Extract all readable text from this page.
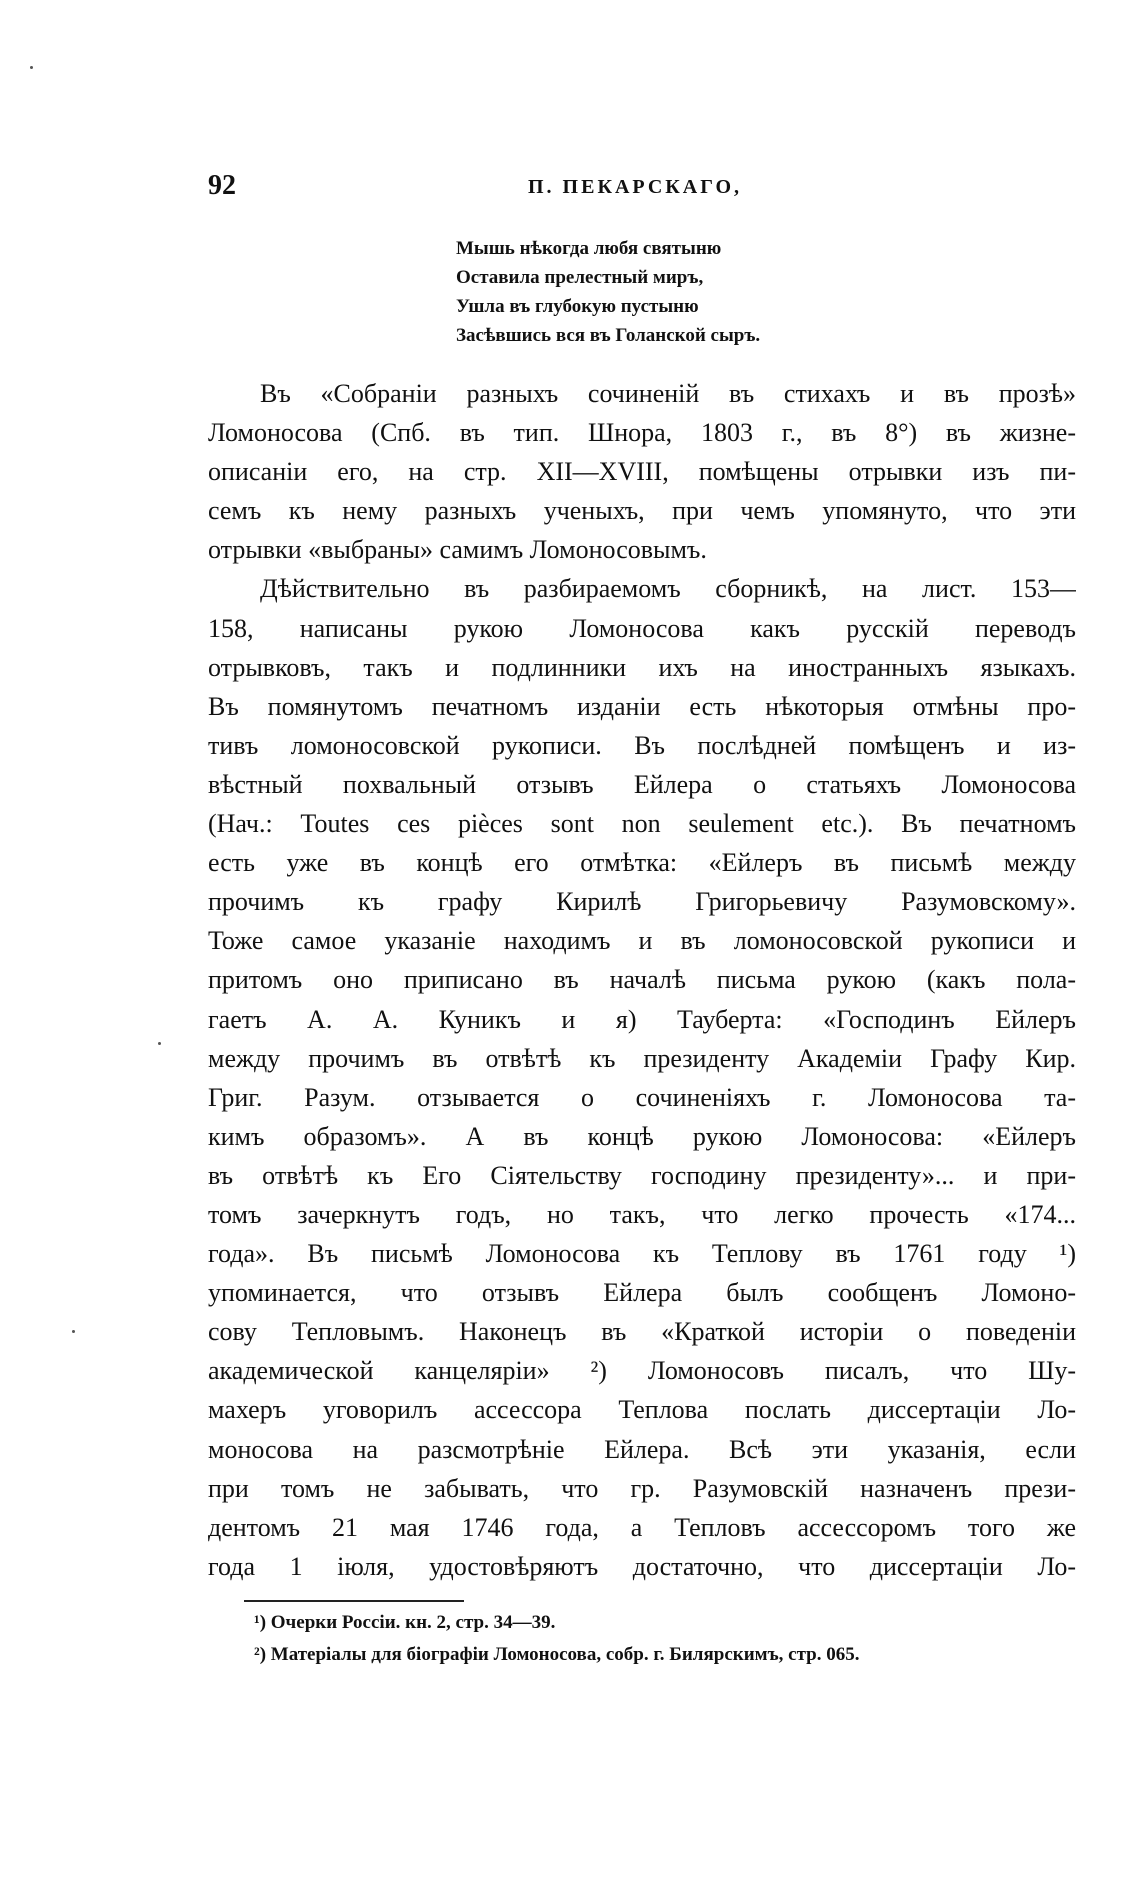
92	П. ПЕКАРСКАГО,
Мышь нѣкогда любя святыню
Оставила прелестный миръ,
Ушла въ глубокую пустыню
Засѣвшись вся въ Голанской сыръ.
Въ «Собраніи разныхъ сочиненій въ стихахъ и въ прозѣ»
Ломоносова (Спб. въ тип. Шнора, 1803 г., въ 8°) въ жизне-
описаніи его, на стр. XII—XVIII, помѣщены отрывки изъ пи-
семъ къ нему разныхъ ученыхъ, при чемъ упомянуто, что эти
отрывки «выбраны» самимъ Ломоносовымъ.
Дѣйствительно въ разбираемомъ сборникѣ, на лист. 153—
158, написаны рукою Ломоносова какъ русскій переводъ
отрывковъ, такъ и подлинники ихъ на иностранныхъ языкахъ.
Въ помянутомъ печатномъ изданіи есть нѣкоторыя отмѣны про-
тивъ ломоносовской рукописи. Въ послѣдней помѣщенъ и из-
вѣстный похвальный отзывъ Ейлера о статьяхъ Ломоносова
(Нач.: Toutes ces pièces sont non seulement etc.). Въ печатномъ
есть уже въ концѣ его отмѣтка: «Ейлеръ въ письмѣ между
прочимъ къ графу Кирилѣ Григорьевичу Разумовскому».
Тоже самое указаніе находимъ и въ ломоносовской рукописи и
притомъ оно приписано въ началѣ письма рукою (какъ пола-
гаетъ А. А. Куникъ и я) Тауберта: «Господинъ Ейлеръ
между прочимъ въ отвѣтѣ къ президенту Академіи Графу Кир.
Григ. Разум. отзывается о сочиненіяхъ г. Ломоносова та-
кимъ образомъ». А въ концѣ рукою Ломоносова: «Ейлеръ
въ отвѣтѣ къ Его Сіятельству господину президенту»... и при-
томъ зачеркнутъ годъ, но такъ, что легко прочесть «174...
года». Въ письмѣ Ломоносова къ Теплову въ 1761 году ¹)
упоминается, что отзывъ Ейлера былъ сообщенъ Ломоно-
сову Тепловымъ. Наконецъ въ «Краткой исторіи о поведеніи
академической канцеляріи» ²) Ломоносовъ писалъ, что Шу-
махеръ уговорилъ ассессора Теплова послать диссертаціи Ло-
моносова на разсмотрѣніе Ейлера. Всѣ эти указанія, если
при томъ не забывать, что гр. Разумовскій назначенъ прези-
дентомъ 21 мая 1746 года, а Тепловъ ассессоромъ того же
года 1 іюля, удостовѣряютъ достаточно, что диссертаціи Ло-
¹) Очерки Россіи. кн. 2, стр. 34—39.
²) Матеріалы для біографіи Ломоносова, собр. г. Билярскимъ, стр. 065.
